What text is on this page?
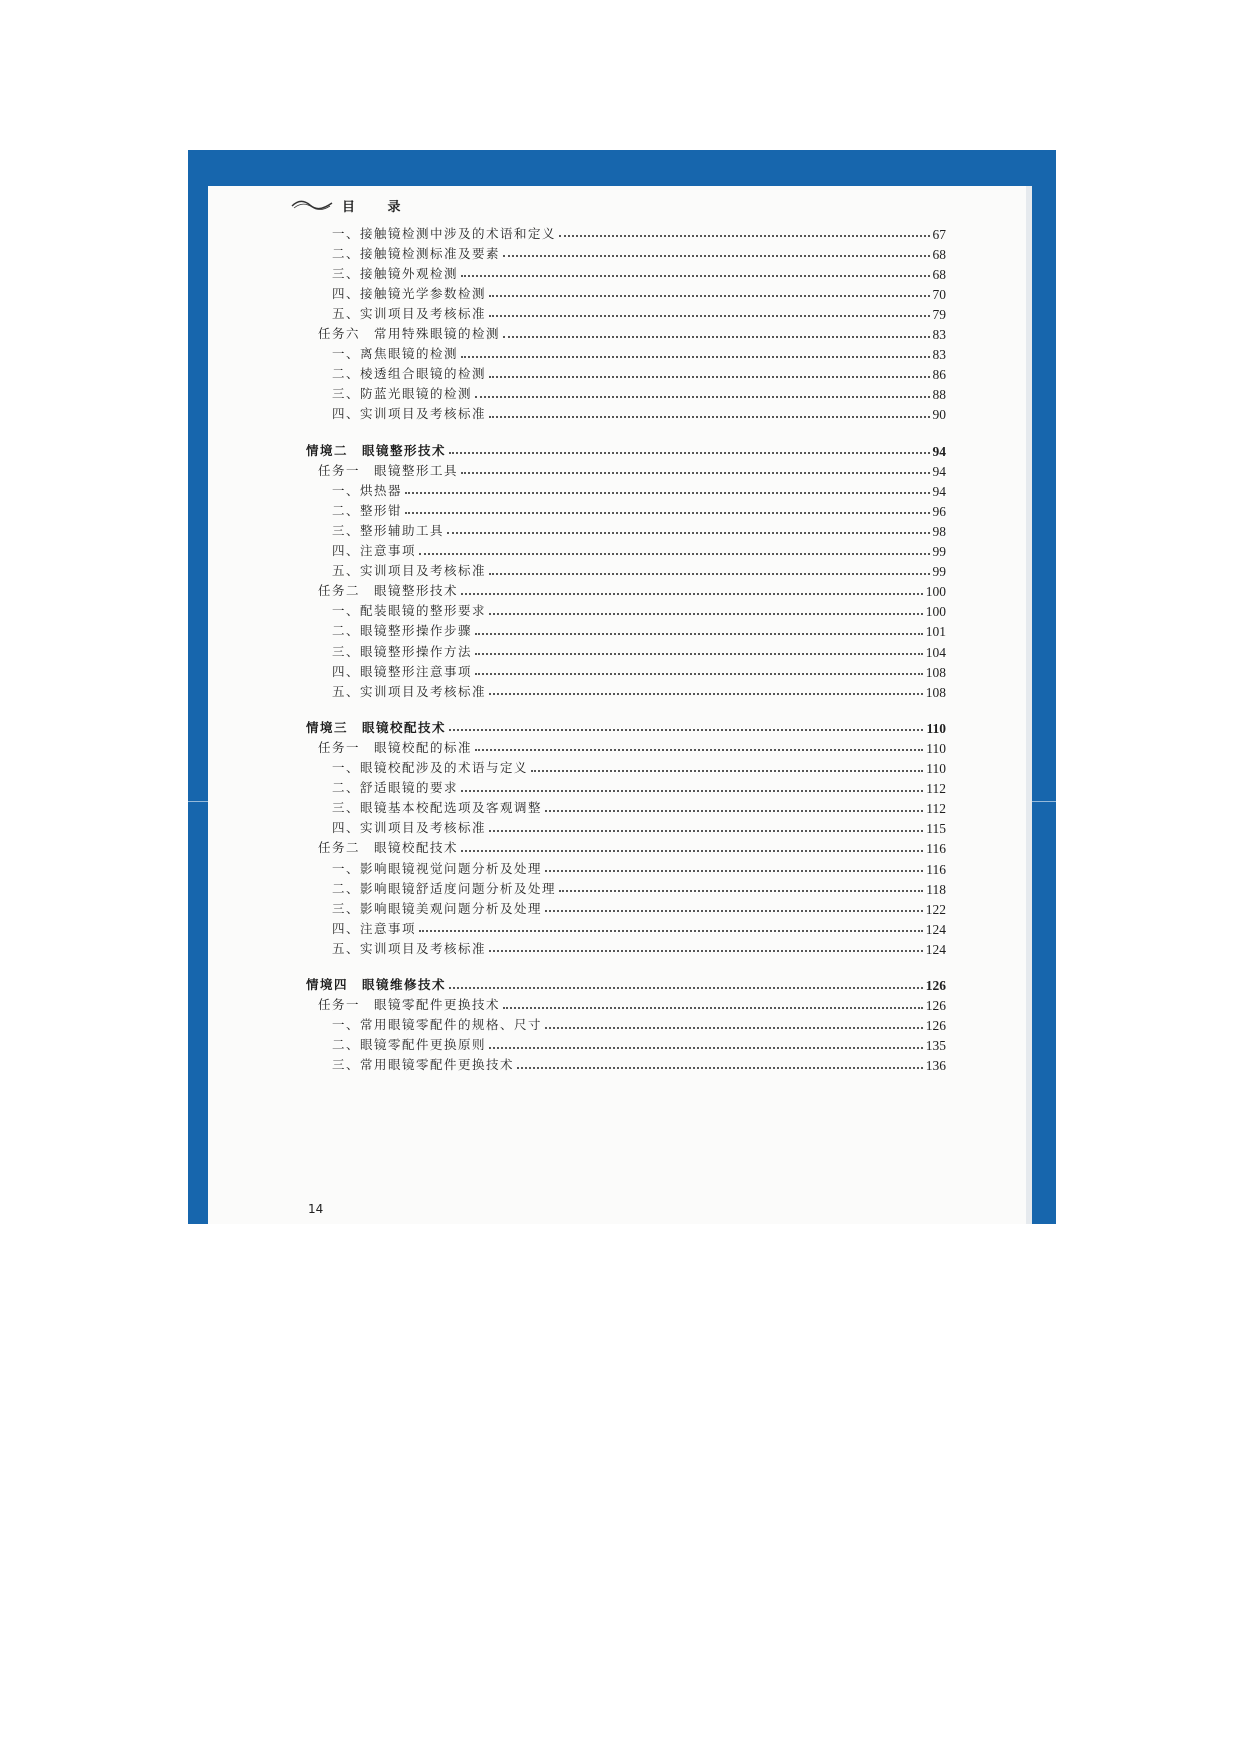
目 录
一、接触镜检测中涉及的术语和定义	67
二、接触镜检测标准及要素	68
三、接触镜外观检测	68
四、接触镜光学参数检测	70
五、实训项目及考核标准	79
任务六　常用特殊眼镜的检测	83
一、离焦眼镜的检测	83
二、棱透组合眼镜的检测	86
三、防蓝光眼镜的检测	88
四、实训项目及考核标准	90
情境二　眼镜整形技术	94
任务一　眼镜整形工具	94
一、烘热器	94
二、整形钳	96
三、整形辅助工具	98
四、注意事项	99
五、实训项目及考核标准	99
任务二　眼镜整形技术	100
一、配装眼镜的整形要求	100
二、眼镜整形操作步骤	101
三、眼镜整形操作方法	104
四、眼镜整形注意事项	108
五、实训项目及考核标准	108
情境三　眼镜校配技术	110
任务一　眼镜校配的标准	110
一、眼镜校配涉及的术语与定义	110
二、舒适眼镜的要求	112
三、眼镜基本校配选项及客观调整	112
四、实训项目及考核标准	115
任务二　眼镜校配技术	116
一、影响眼镜视觉问题分析及处理	116
二、影响眼镜舒适度问题分析及处理	118
三、影响眼镜美观问题分析及处理	122
四、注意事项	124
五、实训项目及考核标准	124
情境四　眼镜维修技术	126
任务一　眼镜零配件更换技术	126
一、常用眼镜零配件的规格、尺寸	126
二、眼镜零配件更换原则	135
三、常用眼镜零配件更换技术	136
14
